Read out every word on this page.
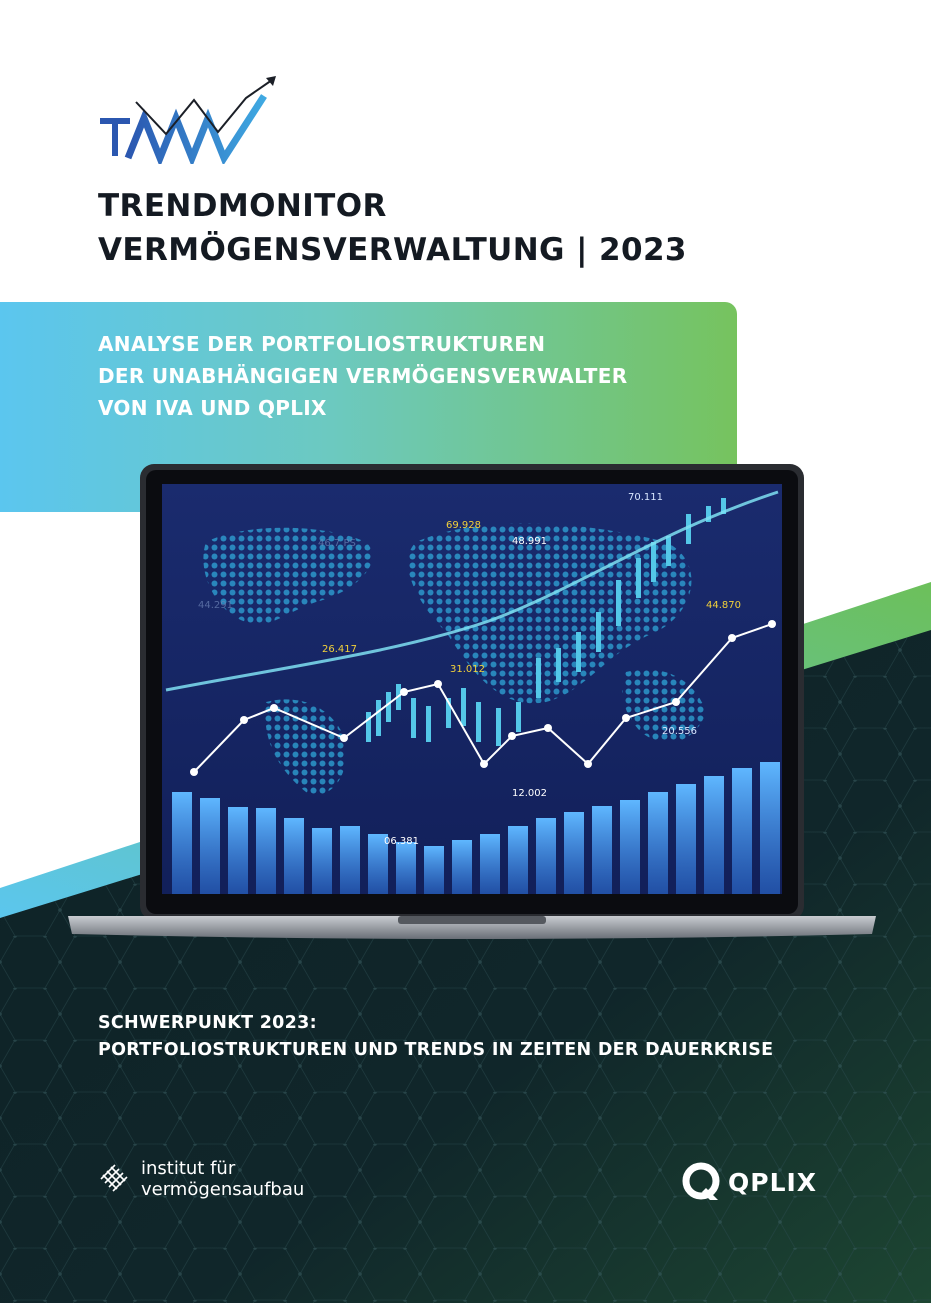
TRENDMONITOR
VERMÖGENSVERWALTUNG | 2023
ANALYSE DER PORTFOLIOSTRUKTUREN
DER UNABHÄNGIGEN VERMÖGENSVERWALTER
VON IVA UND QPLIX
70.111
69.928
48.991
46.7 PS
44.870
44.291
26.417
31.012
20.556
12.002
06.381
SCHWERPUNKT 2023:
PORTFOLIOSTRUKTUREN UND TRENDS IN ZEITEN DER DAUERKRISE
institut für
vermögensaufbau	QPLIX
